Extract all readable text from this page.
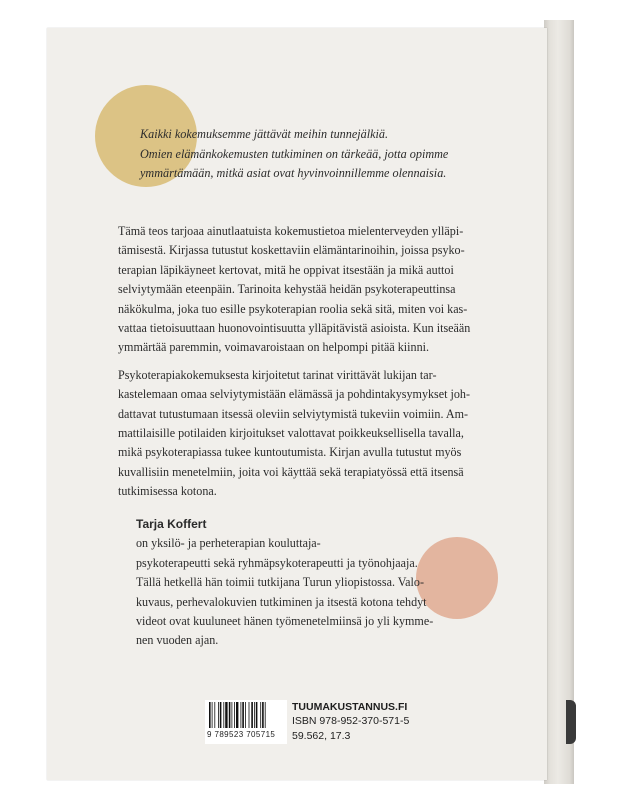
Kaikki kokemuksemme jättävät meihin tunnejälkiä.
Omien elämänkokemusten tutkiminen on tärkeää, jotta opimme
ymmärtämään, mitkä asiat ovat hyvinvoinnillemme olennaisia.
Tämä teos tarjoaa ainutlaatuista kokemustietoa mielenterveyden ylläpi-
tämisestä. Kirjassa tutustut koskettaviin elämäntarinoihin, joissa psyko-
terapian läpikäyneet kertovat, mitä he oppivat itsestään ja mikä auttoi
selviytymään eteenpäin. Tarinoita kehystää heidän psykoterapeuttinsa
näkökulma, joka tuo esille psykoterapian roolia sekä sitä, miten voi kas-
vattaa tietoisuuttaan huonovointisuutta ylläpitävistä asioista. Kun itseään
ymmärtää paremmin, voimavaroistaan on helpompi pitää kiinni.
Psykoterapiakokemuksesta kirjoitetut tarinat virittävät lukijan tar-
kastelemaan omaa selviytymistään elämässä ja pohdintakysymykset joh-
dattavat tutustumaan itsessä oleviin selviytymistä tukeviin voimiin. Am-
mattilaisille potilaiden kirjoitukset valottavat poikkeuksellisella tavalla,
mikä psykoterapiassa tukee kuntoutumista. Kirjan avulla tutustut myös
kuvallisiin menetelmiin, joita voi käyttää sekä terapiatyössä että itsensä
tutkimisessa kotona.
Tarja Koffert
on yksilö- ja perheterapian kouluttaja-
psykoterapeutti sekä ryhmäpsykoterapeutti ja työnohjaaja.
Tällä hetkellä hän toimii tutkijana Turun yliopistossa. Valo-
kuvaus, perhevalokuvien tutkiminen ja itsestä kotona tehdyt
videot ovat kuuluneet hänen työmenetelmiinsä jo yli kymme-
nen vuoden ajan.
9 789523 705715
TUUMAKUSTANNUS.FI
ISBN 978-952-370-571-5
59.562, 17.3
